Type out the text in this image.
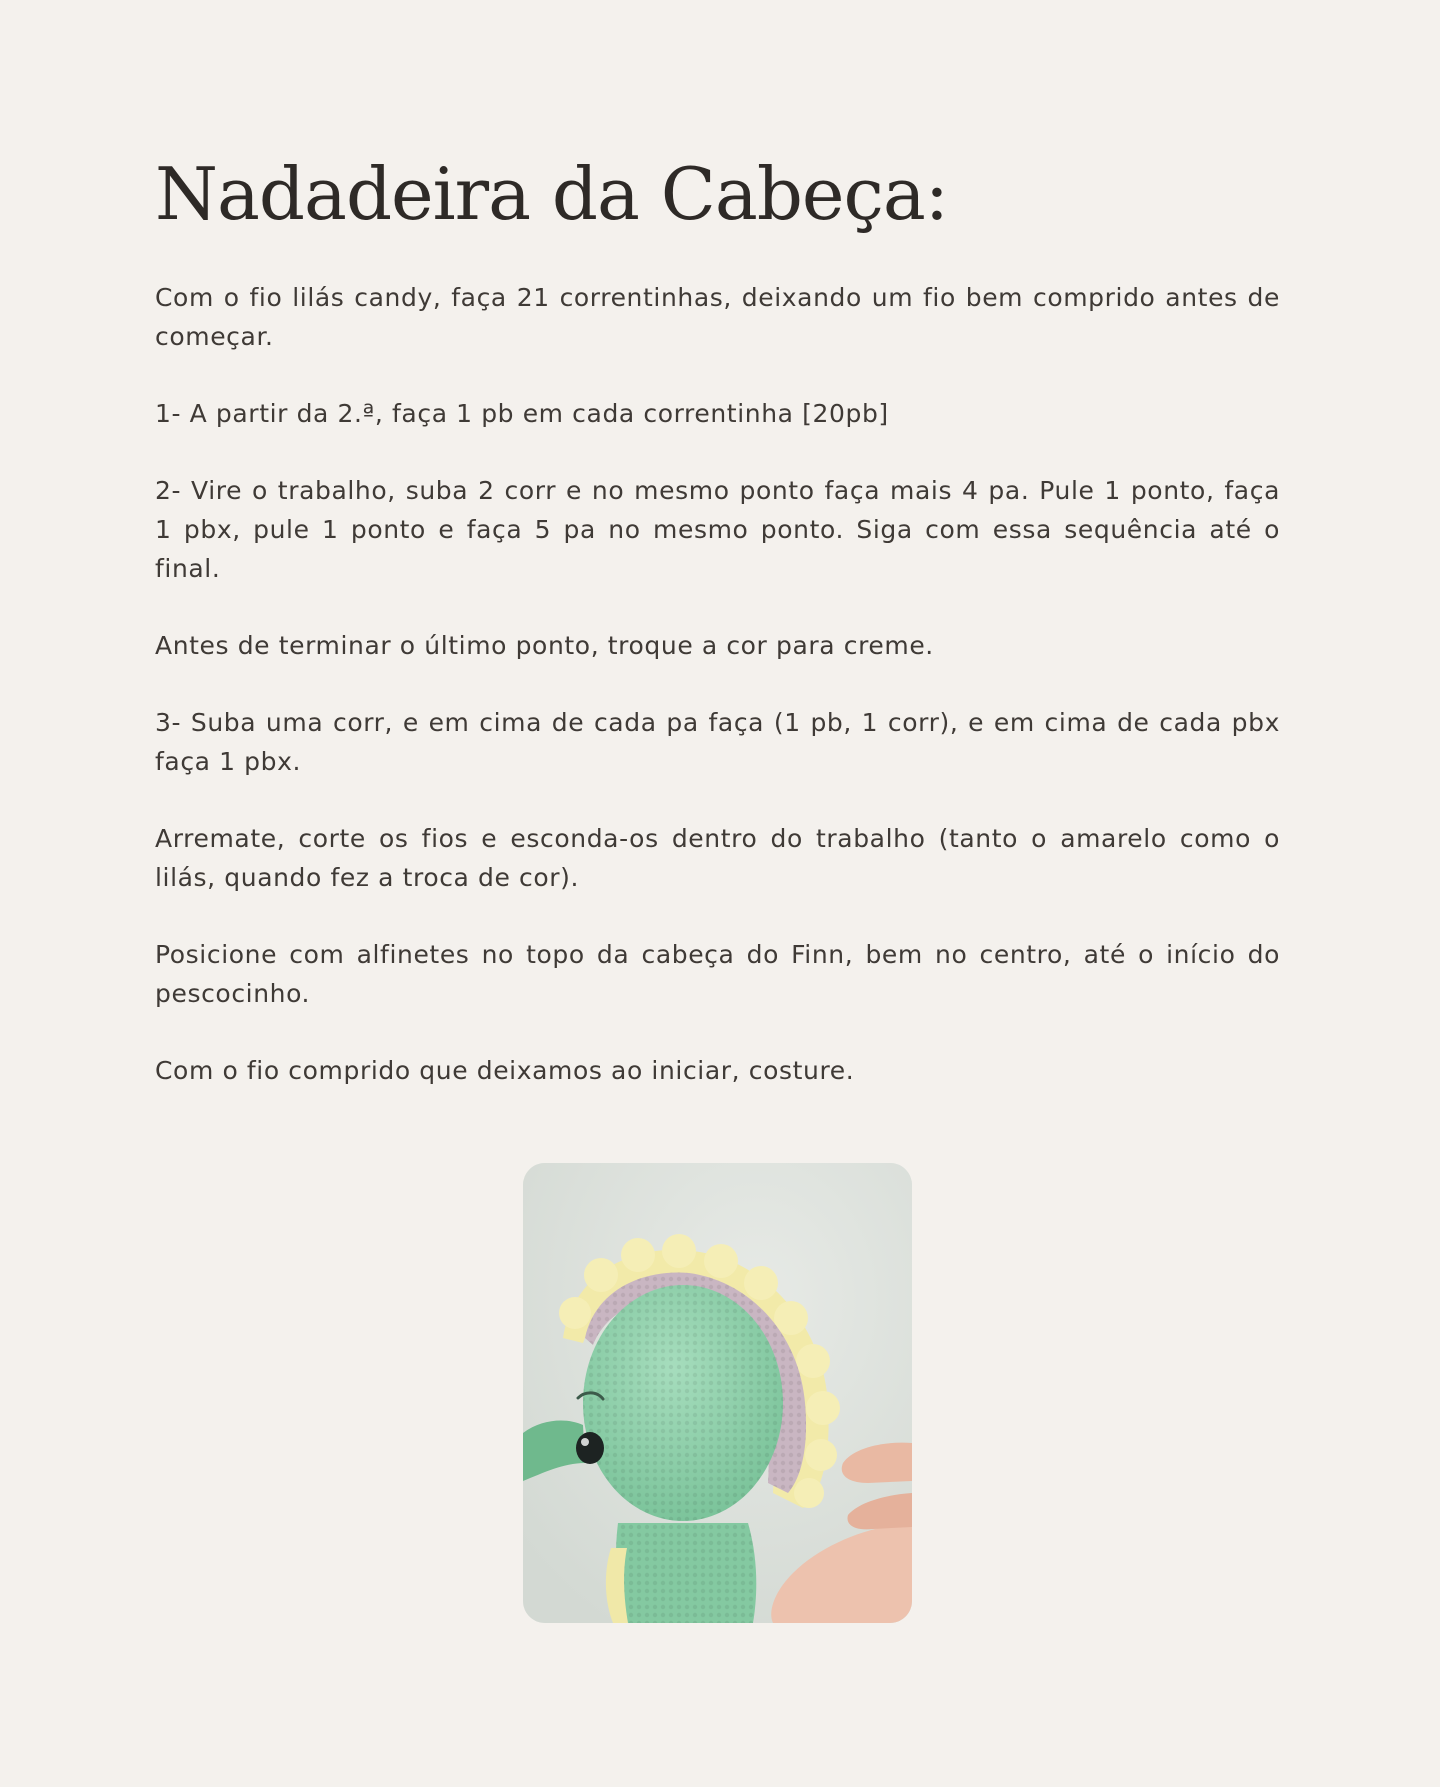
Nadadeira da Cabeça:

Com o fio lilás candy, faça 21 correntinhas, deixando um fio bem comprido antes de começar.

1- A partir da 2.ª, faça 1 pb em cada correntinha [20pb]

2- Vire o trabalho, suba 2 corr e no mesmo ponto faça mais 4 pa. Pule 1 ponto, faça 1 pbx, pule 1 ponto e faça 5 pa no mesmo ponto. Siga com essa sequência até o final.

Antes de terminar o último ponto, troque a cor para creme.

3- Suba uma corr, e em cima de cada pa faça (1 pb, 1 corr), e em cima de cada pbx faça 1 pbx.

Arremate, corte os fios e esconda-os dentro do trabalho (tanto o amarelo como o lilás, quando fez a troca de cor).

Posicione com alfinetes no topo da cabeça do Finn, bem no centro, até o início do pescocinho.

Com o fio comprido que deixamos ao iniciar, costure.
